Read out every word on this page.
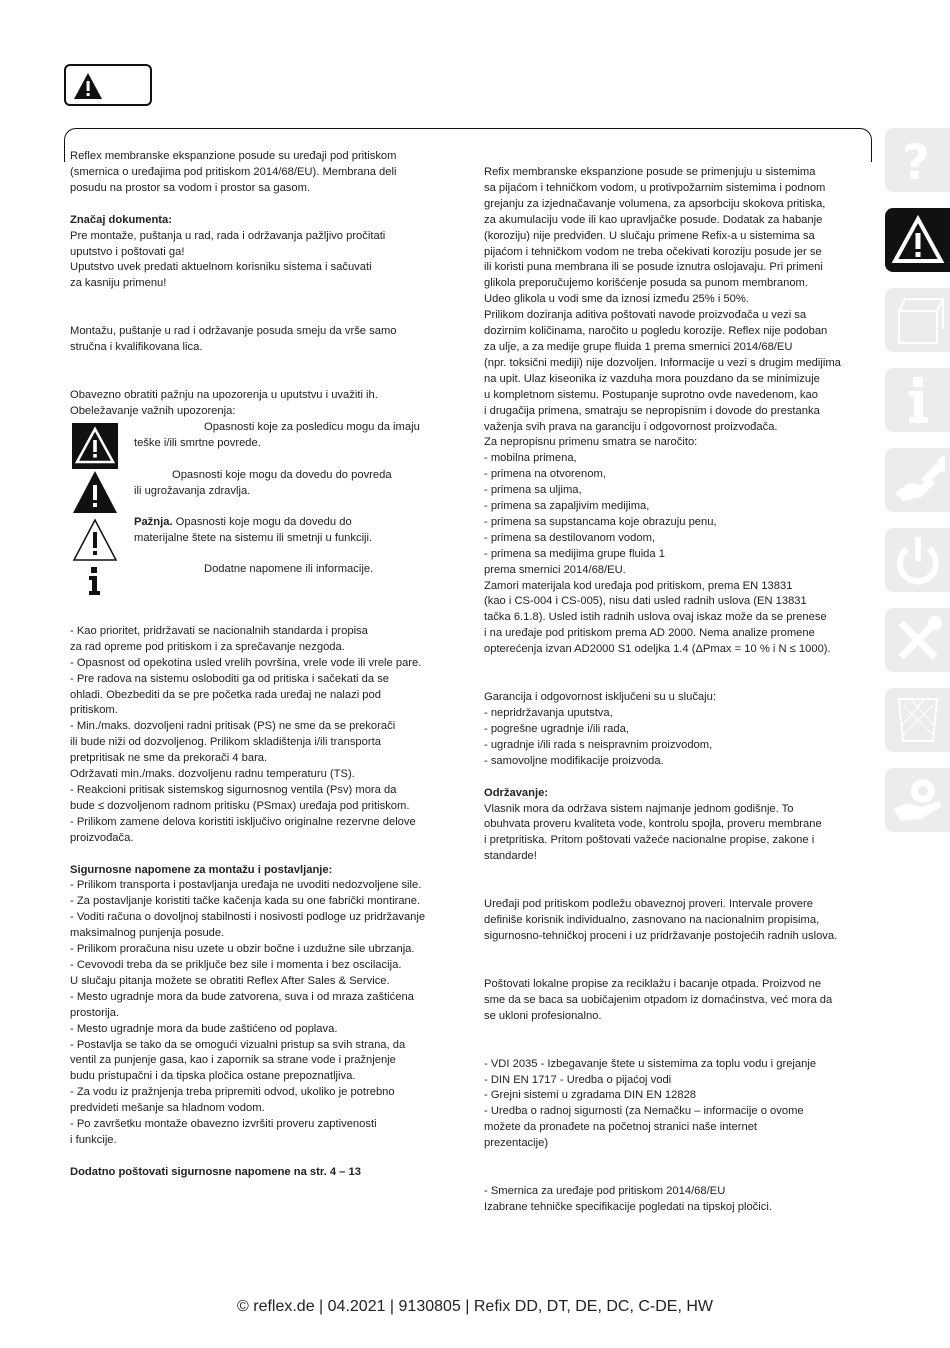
Reflex membranske ekspanzione posude su uređaji pod pritiskom
(smernica o uređajima pod pritiskom 2014/68/EU). Membrana deli
posudu na prostor sa vodom i prostor sa gasom.

Značaj dokumenta:

Pre montaže, puštanja u rad, rada i održavanja pažljivo pročitati
uputstvo i poštovati ga!
Uputstvo uvek predati aktuelnom korisniku sistema i sačuvati
za kasniju primenu!

Montažu, puštanje u rad i održavanje posuda smeju da vrše samo
stručna i kvalifikovana lica.

Obavezno obratiti pažnju na upozorenja u uputstvu i uvažiti ih.
Obeležavanje važnih upozorenja:

Opasnosti koje za posledicu mogu da imaju
teške i/ili smrtne povrede.
Opasnosti koje mogu da dovedu do povreda
ili ugrožavanja zdravlja.
Pažnja. Opasnosti koje mogu da dovedu do
materijalne štete na sistemu ili smetnji u funkciji.
Dodatne napomene ili informacije.

- Kao prioritet, pridržavati se nacionalnih standarda i propisa
za rad opreme pod pritiskom i za sprečavanje nezgoda.
- Opasnost od opekotina usled vrelih površina, vrele vode ili vrele pare.
- Pre radova na sistemu osloboditi ga od pritiska i sačekati da se
ohladi. Obezbediti da se pre početka rada uređaj ne nalazi pod
pritiskom.
- Min./maks. dozvoljeni radni pritisak (PS) ne sme da se prekorači
ili bude niži od dozvoljenog. Prilikom skladištenja i/ili transporta
pretpritisak ne sme da prekorači 4 bara.
Održavati min./maks. dozvoljenu radnu temperaturu (TS).
- Reakcioni pritisak sistemskog sigurnosnog ventila (Psv) mora da
bude ≤ dozvoljenom radnom pritisku (PSmax) uređaja pod pritiskom.
- Prilikom zamene delova koristiti isključivo originalne rezervne delove
proizvođača.

Sigurnosne napomene za montažu i postavljanje:

- Prilikom transporta i postavljanja uređaja ne uvoditi nedozvoljene sile.
- Za postavljanje koristiti tačke kačenja kada su one fabrički montirane.
- Voditi računa o dovoljnoj stabilnosti i nosivosti podloge uz pridržavanje
maksimalnog punjenja posude.
- Prilikom proračuna nisu uzete u obzir bočne i uzdužne sile ubrzanja.
- Cevovodi treba da se priključe bez sile i momenta i bez oscilacija.
U slučaju pitanja možete se obratiti Reflex After Sales & Service.
- Mesto ugradnje mora da bude zatvorena, suva i od mraza zaštićena
prostorija.
- Mesto ugradnje mora da bude zaštićeno od poplava.
- Postavlja se tako da se omogući vizualni pristup sa svih strana, da
ventil za punjenje gasa, kao i zapornik sa strane vode i pražnjenje
budu pristupačni i da tipska pločica ostane prepoznatljiva.
- Za vodu iz pražnjenja treba pripremiti odvod, ukoliko je potrebno
predvideti mešanje sa hladnom vodom.
- Po završetku montaže obavezno izvršiti proveru zaptivenosti
i funkcije.

Dodatno poštovati sigurnosne napomene na str. 4 – 13

Refix membranske ekspanzione posude se primenjuju u sistemima
sa pijaćom i tehničkom vodom, u protivpožarnim sistemima i podnom
grejanju za izjednačavanje volumena, za apsorbciju skokova pritiska,
za akumulaciju vode ili kao upravljačke posude. Dodatak za habanje
(koroziju) nije predviđen. U slučaju primene Refix-a u sistemima sa
pijaćom i tehničkom vodom ne treba očekivati koroziju posude jer se
ili koristi puna membrana ili se posude iznutra oslojavaju. Pri primeni
glikola preporučujemo korišćenje posuda sa punom membranom.
Udeo glikola u vodi sme da iznosi između 25% i 50%.
Prilikom doziranja aditiva poštovati navode proizvođača u vezi sa
dozirnim količinama, naročito u pogledu korozije. Reflex nije podoban
za ulje, a za medije grupe fluida 1 prema smernici 2014/68/EU
(npr. toksični mediji) nije dozvoljen. Informacije u vezi s drugim medijima
na upit. Ulaz kiseonika iz vazduha mora pouzdano da se minimizuje
u kompletnom sistemu. Postupanje suprotno ovde navedenom, kao
i drugačija primena, smatraju se nepropisnim i dovode do prestanka
važenja svih prava na garanciju i odgovornost proizvođača.
Za nepropisnu primenu smatra se naročito:
- mobilna primena,
- primena na otvorenom,
- primena sa uljima,
- primena sa zapaljivim medijima,
- primena sa supstancama koje obrazuju penu,
- primena sa destilovanom vodom,
- primena sa medijima grupe fluida 1
prema smernici 2014/68/EU.
Zamori materijala kod uređaja pod pritiskom, prema EN 13831
(kao i CS-004 i CS-005), nisu dati usled radnih uslova (EN 13831
tačka 6.1.8). Usled istih radnih uslova ovaj iskaz može da se prenese
i na uređaje pod pritiskom prema AD 2000. Nema analize promene
opterećenja izvan AD2000 S1 odeljka 1.4 (ΔPmax = 10 % i N ≤ 1000).

Garancija i odgovornost isključeni su u slučaju:
- nepridržavanja uputstva,
- pogrešne ugradnje i/ili rada,
- ugradnje i/ili rada s neispravnim proizvodom,
- samovoljne modifikacije proizvoda.

Održavanje:

Vlasnik mora da održava sistem najmanje jednom godišnje. To
obuhvata proveru kvaliteta vode, kontrolu spojla, proveru membrane
i pretpritiska. Pritom poštovati važeće nacionalne propise, zakone i
standarde!

Uređaji pod pritiskom podležu obaveznoj proveri. Intervale provere
definiše korisnik individualno, zasnovano na nacionalnim propisima,
sigurnosno-tehničkoj proceni i uz pridržavanje postojećih radnih uslova.

Poštovati lokalne propise za reciklažu i bacanje otpada. Proizvod ne
sme da se baca sa uobičajenim otpadom iz domaćinstva, već mora da
se ukloni profesionalno.

- VDI 2035 - Izbegavanje štete u sistemima za toplu vodu i grejanje
- DIN EN 1717 - Uredba o pijaćoj vodi
- Grejni sistemi u zgradama DIN EN 12828
- Uredba o radnoj sigurnosti (za Nemačku – informacije o ovome
možete da pronađete na početnoj stranici naše internet
prezentacije)

- Smernica za uređaje pod pritiskom 2014/68/EU
Izabrane tehničke specifikacije pogledati na tipskoj pločici.

?
© reflex.de | 04.2021 | 9130805 | Refix DD, DT, DE, DC, C-DE, HW
